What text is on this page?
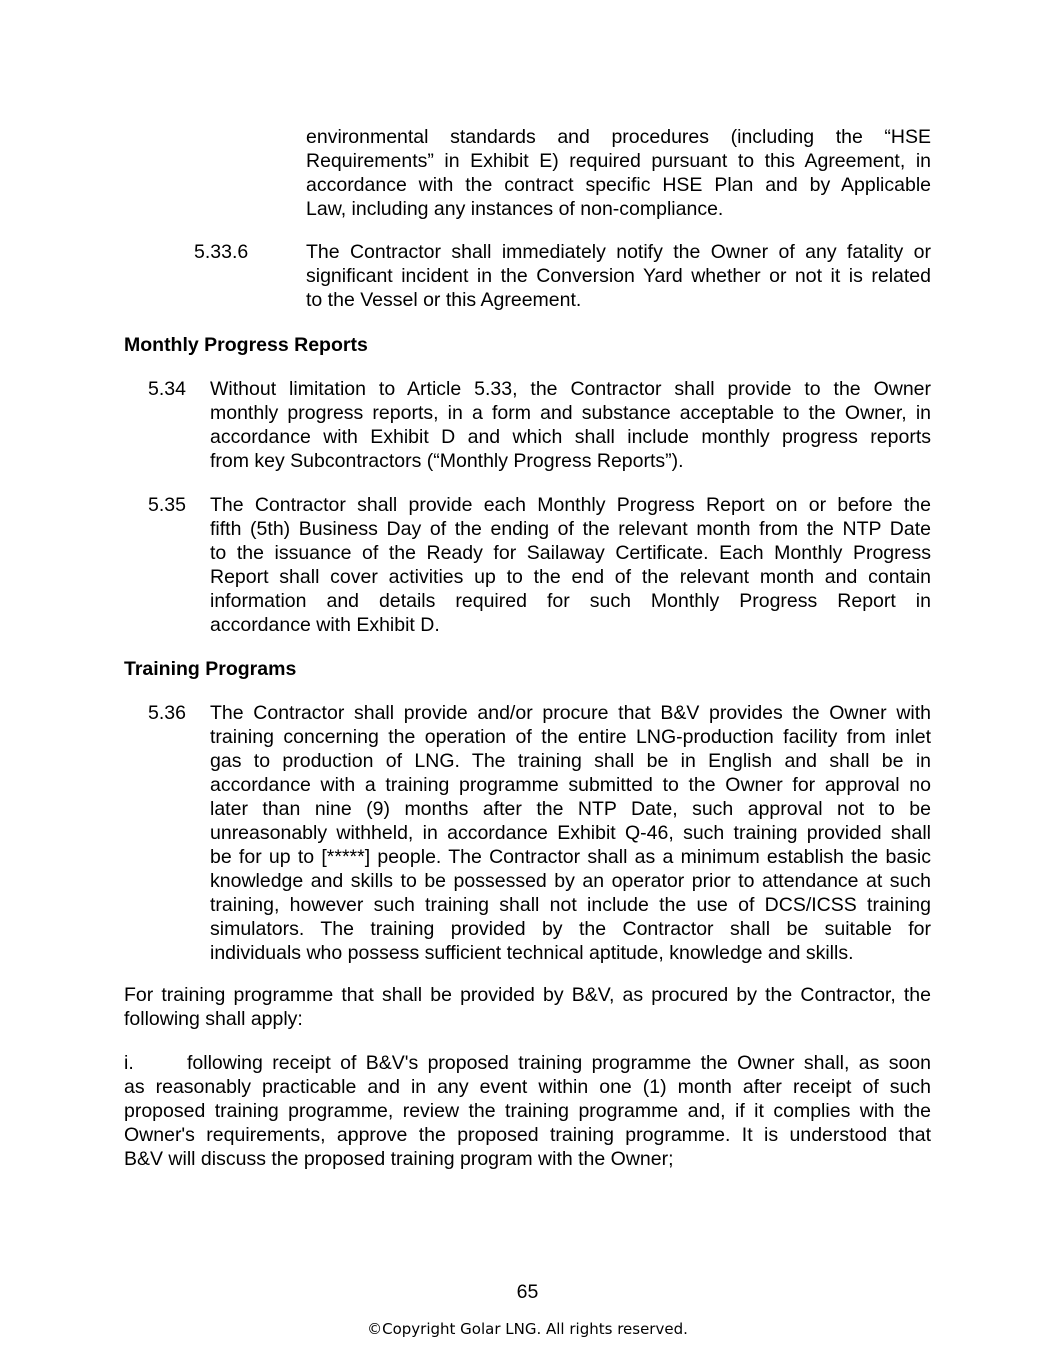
environmental standards and procedures (including the “HSE
Requirements” in Exhibit E) required pursuant to this Agreement, in
accordance with the contract specific HSE Plan and by Applicable
Law, including any instances of non-compliance.
5.33.6	The Contractor shall immediately notify the Owner of any fatality or
significant incident in the Conversion Yard whether or not it is related
to the Vessel or this Agreement.
Monthly Progress Reports
5.34 Without limitation to Article 5.33, the Contractor shall provide to the Owner
monthly progress reports, in a form and substance acceptable to the Owner, in
accordance with Exhibit D and which shall include monthly progress reports
from key Subcontractors (“Monthly Progress Reports”).
5.35 The Contractor shall provide each Monthly Progress Report on or before the
fifth (5th) Business Day of the ending of the relevant month from the NTP Date
to the issuance of the Ready for Sailaway Certificate. Each Monthly Progress
Report shall cover activities up to the end of the relevant month and contain
information and details required for such Monthly Progress Report in
accordance with Exhibit D.
Training Programs
5.36 The Contractor shall provide and/or procure that B&V provides the Owner with
training concerning the operation of the entire LNG-production facility from inlet
gas to production of LNG. The training shall be in English and shall be in
accordance with a training programme submitted to the Owner for approval no
later than nine (9) months after the NTP Date, such approval not to be
unreasonably withheld, in accordance Exhibit Q-46, such training provided shall
be for up to [*****] people. The Contractor shall as a minimum establish the basic
knowledge and skills to be possessed by an operator prior to attendance at such
training, however such training shall not include the use of DCS/ICSS training
simulators. The training provided by the Contractor shall be suitable for
individuals who possess sufficient technical aptitude, knowledge and skills.
For training programme that shall be provided by B&V, as procured by the Contractor, the
following shall apply:
i.	following receipt of B&V's proposed training programme the Owner shall, as soon
as reasonably practicable and in any event within one (1) month after receipt of such
proposed training programme, review the training programme and, if it complies with the
Owner's requirements, approve the proposed training programme. It is understood that
B&V will discuss the proposed training program with the Owner;
65
©Copyright Golar LNG. All rights reserved.
